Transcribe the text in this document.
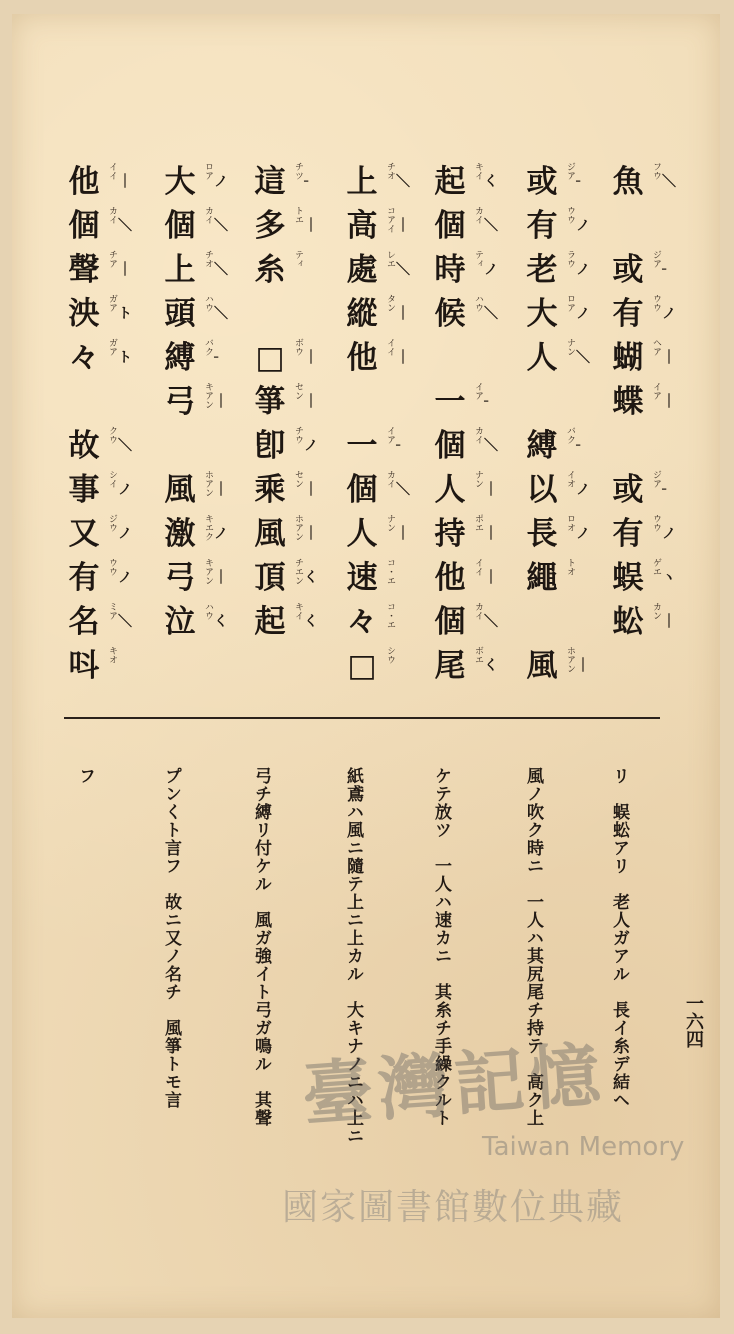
魚 フウ
＼
或 ジア
╴
有 ウウ
ノ
蝴 ヘア
｜
蝶 イア
｜
或 ジア
╴
有 ウウ
ノ
蜈 ゲエ
ヽ
蚣 カン
｜
或 ジア
╴
有 ウウ
ノ
老 ラウ
ノ
大 ロア
ノ
人 ナン
＼
縛 バク
╴
以 イオ
ノ
長 ロオ
ノ
繩 トオ
風 ホアン ｜
起 キイ
く
個 カイ
＼
時 ティ
ノ
候 ハウ
＼
一 イア
╴
個 カイ
＼
人 ナン
｜
持 ポエ
｜
他 イイ
｜
個 カイ
＼
尾 ボエ
く
上 チオ
＼
高 コアイ ｜
處 レエ
＼
縱 タン
｜
他 イイ
｜
一 イア
╴
個 カイ
＼
人 ナン
｜
速 コ・エ
々 コ・エ
□ シウ
這 チツ
╴
多 トエ
｜
糸 ティ
□ ボウ
｜
箏 セン
｜
卽 チウ
ノ
乘 セン
｜
風 ホアン ｜
頂 チエン く
起 キイ
く
大 ロア
ノ
個 カイ
＼
上 チオ
＼
頭 ハウ
＼
縛 バク
╴
弓 キアン ｜
風 ホアン ｜
激 キエク ノ
弓 キアン ｜
泣 ハウ
く
他 イイ
｜
個 カイ
＼
聲 チア
｜
泱 ガア
ト
々 ガア
ト
故 クウ
＼
事 シイ
ノ
又 ジウ
ノ
有 ウウ
ノ
名 ミア
＼
呌 キオ
リ　蜈蚣アリ　老人ガアル　長イ糸デ結ヘ
風ノ吹ク時ニ　一人ハ其尻尾チ持テ　高ク上
ケテ放ツ　一人ハ速カニ　其糸チ手繰クルト
紙鳶ハ風ニ隨テ上ニ上カル　大キナノニハ上ニ
弓チ縛リ付ケル　風ガ強イト弓ガ鳴ル　其聲
プンくト言フ　故ニ又ノ名チ　風箏トモ言
フ
一六四
臺灣記憶
Taiwan Memory
國家圖書館數位典藏
